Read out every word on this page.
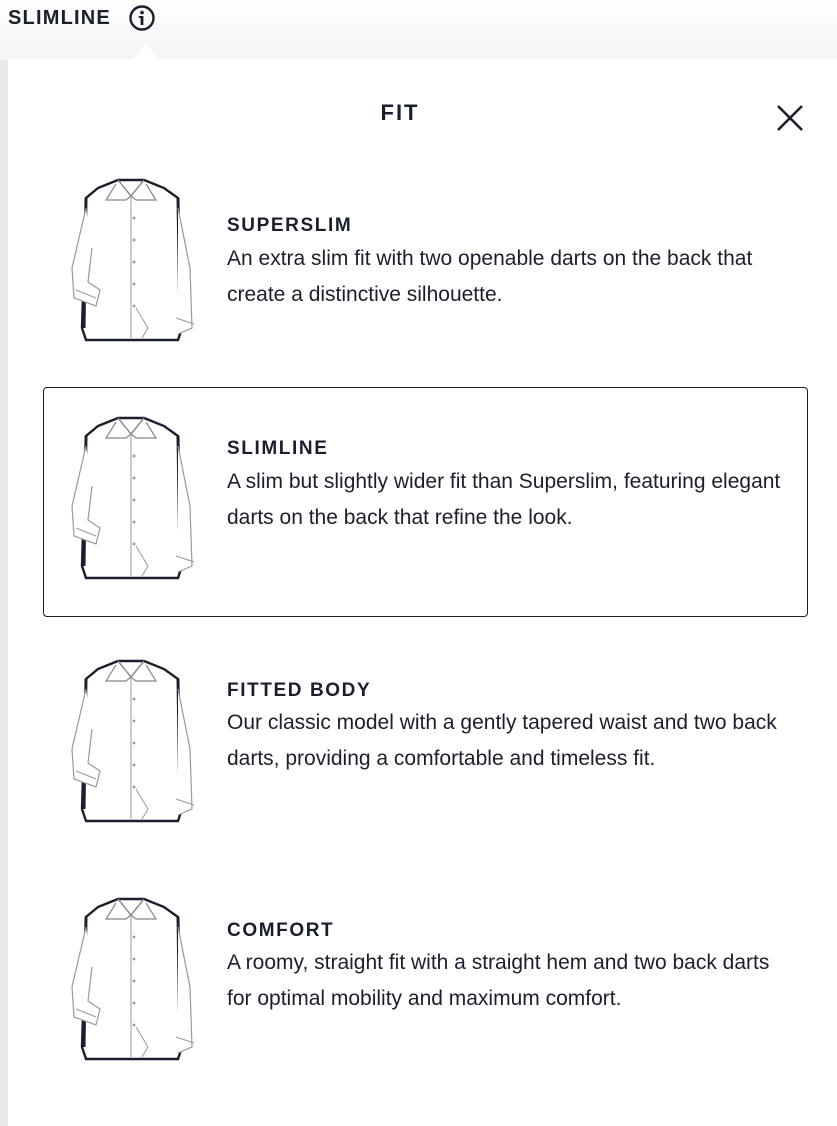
SLIMLINE
FIT
SUPERSLIM
An extra slim fit with two openable darts on the back that create a distinctive silhouette.
SLIMLINE
A slim but slightly wider fit than Superslim, featuring elegant darts on the back that refine the look.
FITTED BODY
Our classic model with a gently tapered waist and two back darts, providing a comfortable and timeless fit.
COMFORT
A roomy, straight fit with a straight hem and two back darts for optimal mobility and maximum comfort.
